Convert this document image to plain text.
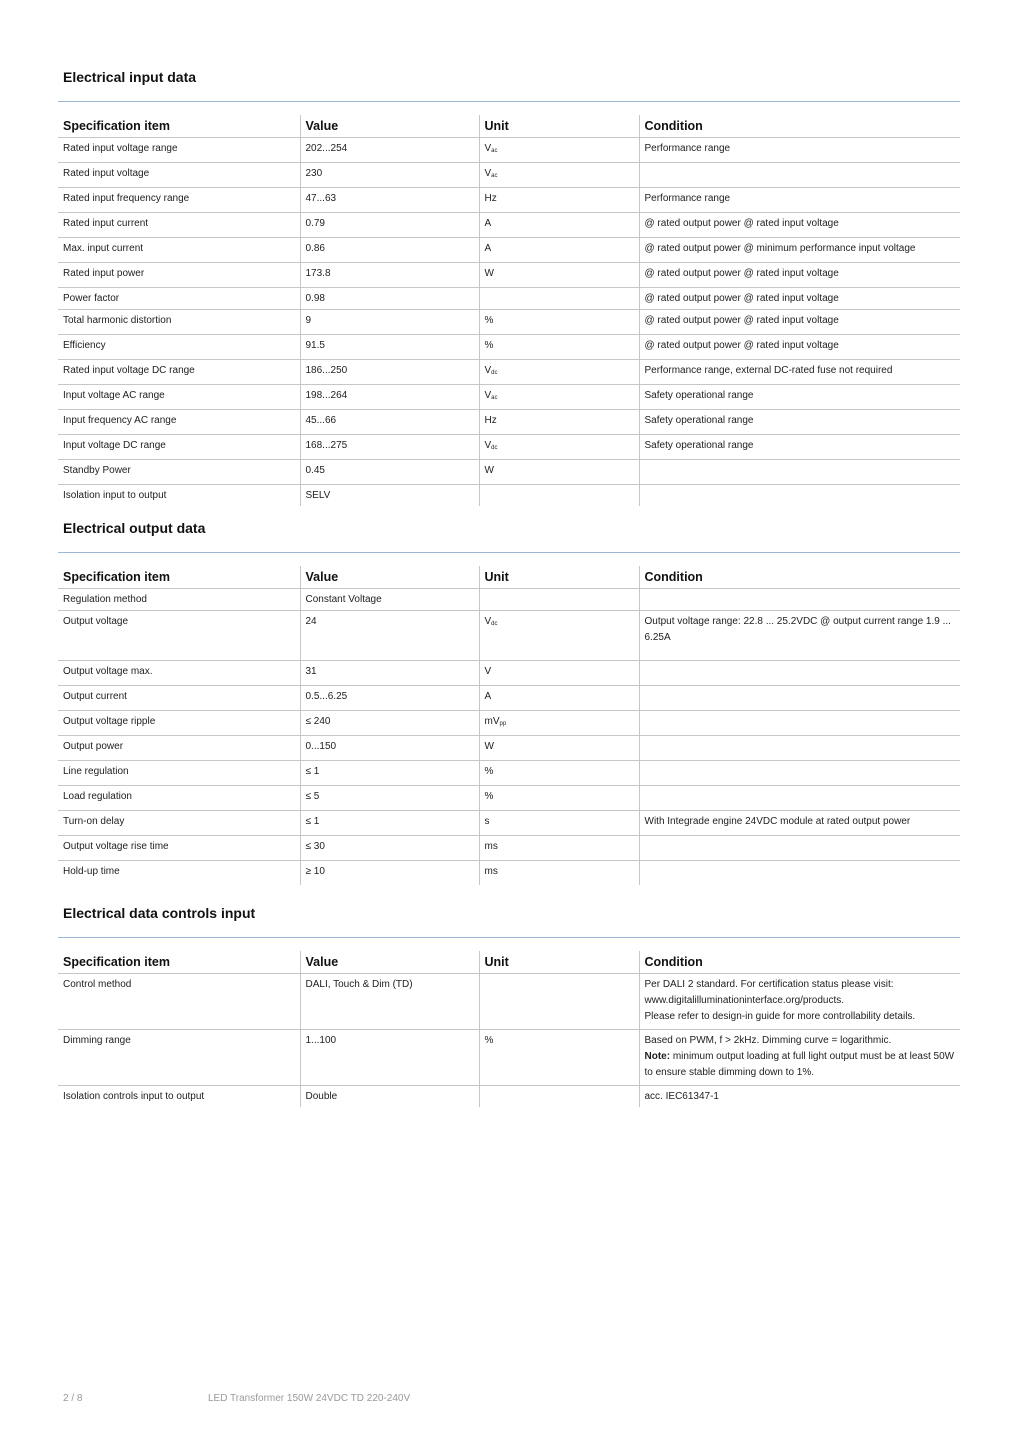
Electrical input data
Specification item	Value	Unit	Condition
Rated input voltage range	202...254	$V_{ac}$	Performance range
Rated input voltage	230	$V_{ac}$	
Rated input frequency range	47...63	Hz	Performance range
Rated input current	0.79	A	@ rated output power @ rated input voltage
Max. input current	0.86	A	@ rated output power @ minimum performance input voltage
Rated input power	173.8	W	@ rated output power @ rated input voltage
Power factor	0.98		@ rated output power @ rated input voltage
Total harmonic distortion	9	%	@ rated output power @ rated input voltage
Efficiency	91.5	%	@ rated output power @ rated input voltage
Rated input voltage DC range	186...250	$V_{dc}$	Performance range, external DC-rated fuse not required
Input voltage AC range	198...264	$V_{ac}$	Safety operational range
Input frequency AC range	45...66	Hz	Safety operational range
Input voltage DC range	168...275	$V_{dc}$	Safety operational range
Standby Power	0.45	W	
Isolation input to output	SELV		
Electrical output data
Specification item	Value	Unit	Condition
Regulation method	Constant Voltage		
Output voltage	24	$V_{dc}$	Output voltage range: 22.8 ... 25.2VDC @ output current range 1.9 ... 6.25A
Output voltage max.	31	V	
Output current	0.5...6.25	A	
Output voltage ripple	≤ 240	$mV_{pp}$	
Output power	0...150	W	
Line regulation	≤ 1	%	
Load regulation	≤ 5	%	
Turn-on delay	≤ 1	s	With Integrade engine 24VDC module at rated output power
Output voltage rise time	≤ 30	ms	
Hold-up time	≥ 10	ms	
Electrical data controls input
Specification item	Value	Unit	Condition
Control method	DALI, Touch & Dim (TD)		Per DALI 2 standard. For certification status please visit:
www.digitalilluminationinterface.org/products.
Please refer to design-in guide for more controllability details.
Dimming range	1...100	%	Based on PWM, f > 2kHz. Dimming curve = logarithmic.
Note: minimum output loading at full light output must be at least 50W to ensure stable dimming down to 1%.
Isolation controls input to output	Double		acc. IEC61347-1
2 / 8	LED Transformer 150W 24VDC TD 220-240V
